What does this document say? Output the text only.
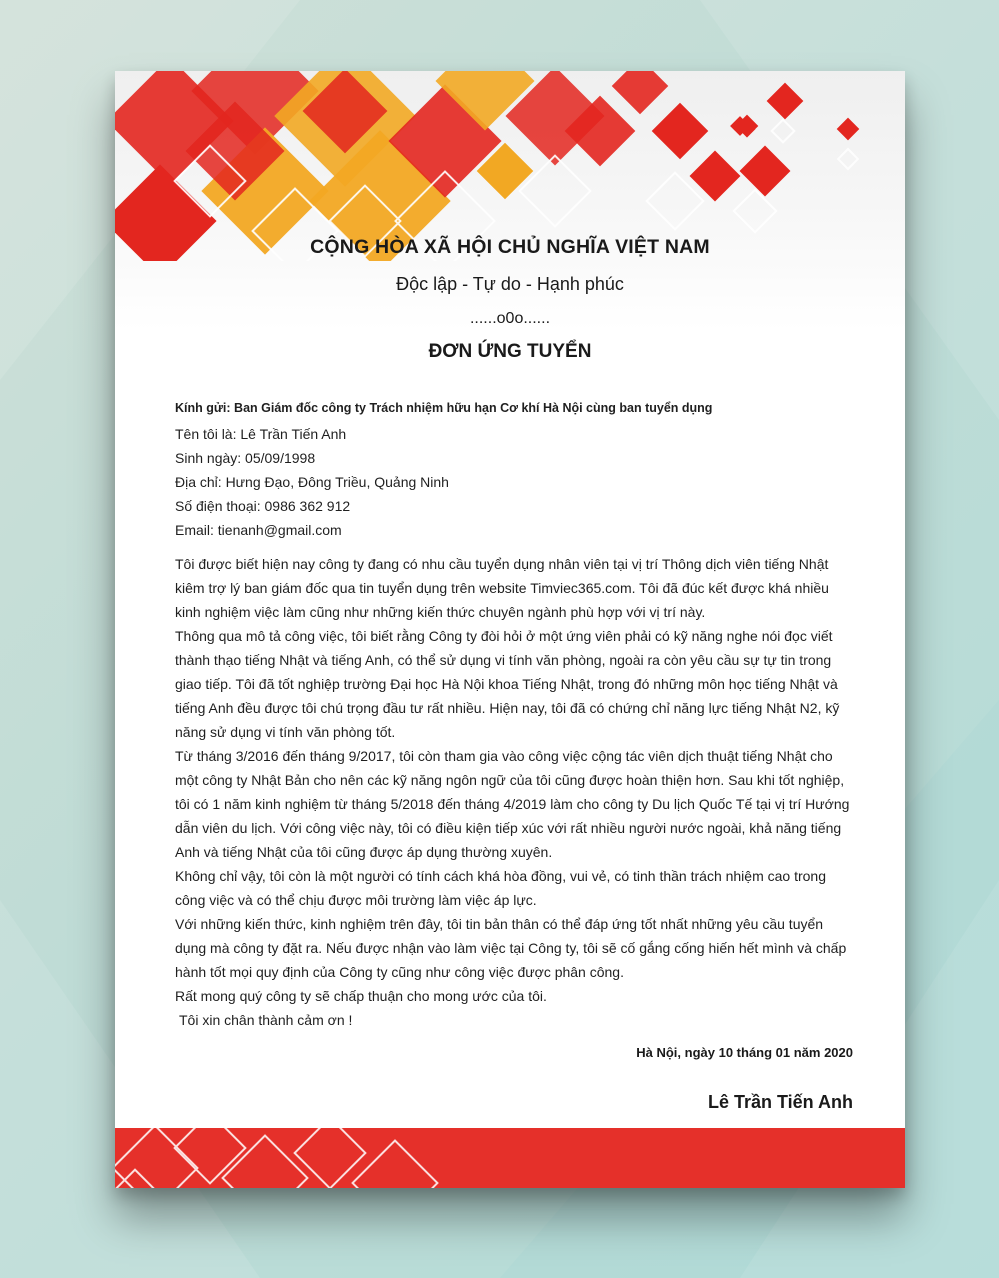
CỘNG HÒA XÃ HỘI CHỦ NGHĨA VIỆT NAM
Độc lập - Tự do - Hạnh phúc
......o0o......
ĐƠN ỨNG TUYỂN

Kính gửi: Ban Giám đốc công ty Trách nhiệm hữu hạn Cơ khí Hà Nội cùng ban tuyển dụng

Tên tôi là: Lê Trần Tiến Anh

Sinh ngày: 05/09/1998

Địa chỉ: Hưng Đạo, Đông Triều, Quảng Ninh

Số điện thoại: 0986 362 912

Email: tienanh@gmail.com

Tôi được biết hiện nay công ty đang có nhu cầu tuyển dụng nhân viên tại vị trí Thông dịch viên tiếng Nhật kiêm trợ lý ban giám đốc qua tin tuyển dụng trên website Timviec365.com. Tôi đã đúc kết được khá nhiều kinh nghiệm việc làm cũng như những kiến thức chuyên ngành phù hợp với vị trí này.

Thông qua mô tả công việc, tôi biết rằng Công ty đòi hỏi ở một ứng viên phải có kỹ năng nghe nói đọc viết thành thạo tiếng Nhật và tiếng Anh, có thể sử dụng vi tính văn phòng, ngoài ra còn yêu cầu sự tự tin trong giao tiếp. Tôi đã tốt nghiệp trường Đại học Hà Nội khoa Tiếng Nhật, trong đó những môn học tiếng Nhật và tiếng Anh đều được tôi chú trọng đầu tư rất nhiều. Hiện nay, tôi đã có chứng chỉ năng lực tiếng Nhật N2, kỹ năng sử dụng vi tính văn phòng tốt.

Từ tháng 3/2016 đến tháng 9/2017, tôi còn tham gia vào công việc cộng tác viên dịch thuật tiếng Nhật cho một công ty Nhật Bản cho nên các kỹ năng ngôn ngữ của tôi cũng được hoàn thiện hơn. Sau khi tốt nghiệp, tôi có 1 năm kinh nghiệm từ tháng 5/2018 đến tháng 4/2019 làm cho công ty Du lịch Quốc Tế tại vị trí Hướng dẫn viên du lịch. Với công việc này, tôi có điều kiện tiếp xúc với rất nhiều người nước ngoài, khả năng tiếng Anh và tiếng Nhật của tôi cũng được áp dụng thường xuyên.

Không chỉ vậy, tôi còn là một người có tính cách khá hòa đồng, vui vẻ, có tinh thần trách nhiệm cao trong công việc và có thể chịu được môi trường làm việc áp lực.

Với những kiến thức, kinh nghiệm trên đây, tôi tin bản thân có thể đáp ứng tốt nhất những yêu cầu tuyển dụng mà công ty đặt ra. Nếu được nhận vào làm việc tại Công ty, tôi sẽ cố gắng cống hiến hết mình và chấp hành tốt mọi quy định của Công ty cũng như công việc được phân công.

Rất mong quý công ty sẽ chấp thuận cho mong ước của tôi.

Tôi xin chân thành cảm ơn !

Hà Nội, ngày 10 tháng 01 năm 2020
Lê Trần Tiến Anh
